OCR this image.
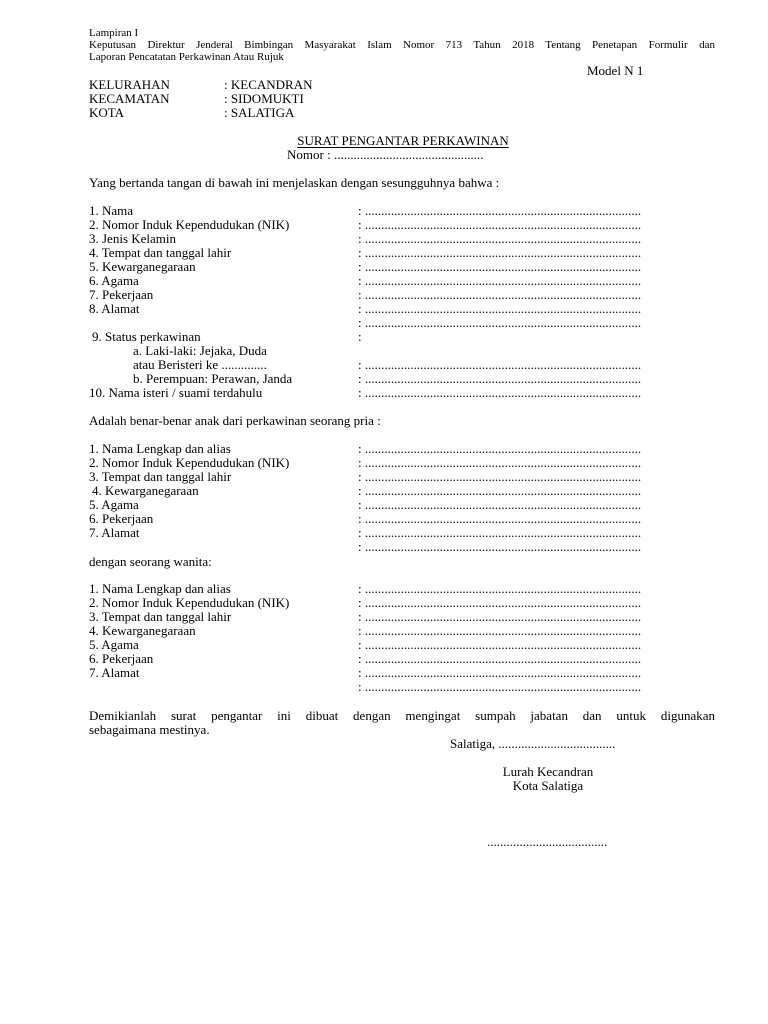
Lampiran I
Keputusan Direktur Jenderal Bimbingan Masyarakat Islam Nomor 713 Tahun 2018 Tentang Penetapan Formulir dan
Laporan Pencatatan Perkawinan Atau Rujuk
Model N 1
KELURAHAN	: KECANDRAN
KECAMATAN	: SIDOMUKTI
KOTA	: SALATIGA
SURAT PENGANTAR PERKAWINAN
Nomor : ..............................................
Yang bertanda tangan di bawah ini menjelaskan dengan sesungguhnya bahwa :
1. Nama	: .....................................................................................
2. Nomor Induk Kependudukan (NIK)	: .....................................................................................
3. Jenis Kelamin	: .....................................................................................
4. Tempat dan tanggal lahir	: .....................................................................................
5. Kewarganegaraan	: .....................................................................................
6. Agama	: .....................................................................................
7. Pekerjaan	: .....................................................................................
8. Alamat	: .....................................................................................
: .....................................................................................
9. Status perkawinan	:
a. Laki-laki: Jejaka, Duda
atau Beristeri ke ..............	: .....................................................................................
b. Perempuan: Perawan, Janda	: .....................................................................................
10. Nama isteri / suami terdahulu	: .....................................................................................
Adalah benar-benar anak dari perkawinan seorang pria :
1. Nama Lengkap dan alias	: .....................................................................................
2. Nomor Induk Kependudukan (NIK)	: .....................................................................................
3. Tempat dan tanggal lahir	: .....................................................................................
4. Kewarganegaraan	: .....................................................................................
5. Agama	: .....................................................................................
6. Pekerjaan	: .....................................................................................
7. Alamat	: .....................................................................................
: .....................................................................................
dengan seorang wanita:
1. Nama Lengkap dan alias	: .....................................................................................
2. Nomor Induk Kependudukan (NIK)	: .....................................................................................
3. Tempat dan tanggal lahir	: .....................................................................................
4. Kewarganegaraan	: .....................................................................................
5. Agama	: .....................................................................................
6. Pekerjaan	: .....................................................................................
7. Alamat	: .....................................................................................
: .....................................................................................
Demikianlah surat pengantar ini dibuat dengan mengingat sumpah jabatan dan untuk digunakan
sebagaimana mestinya.
Salatiga, ....................................
Lurah Kecandran
Kota Salatiga
.....................................
